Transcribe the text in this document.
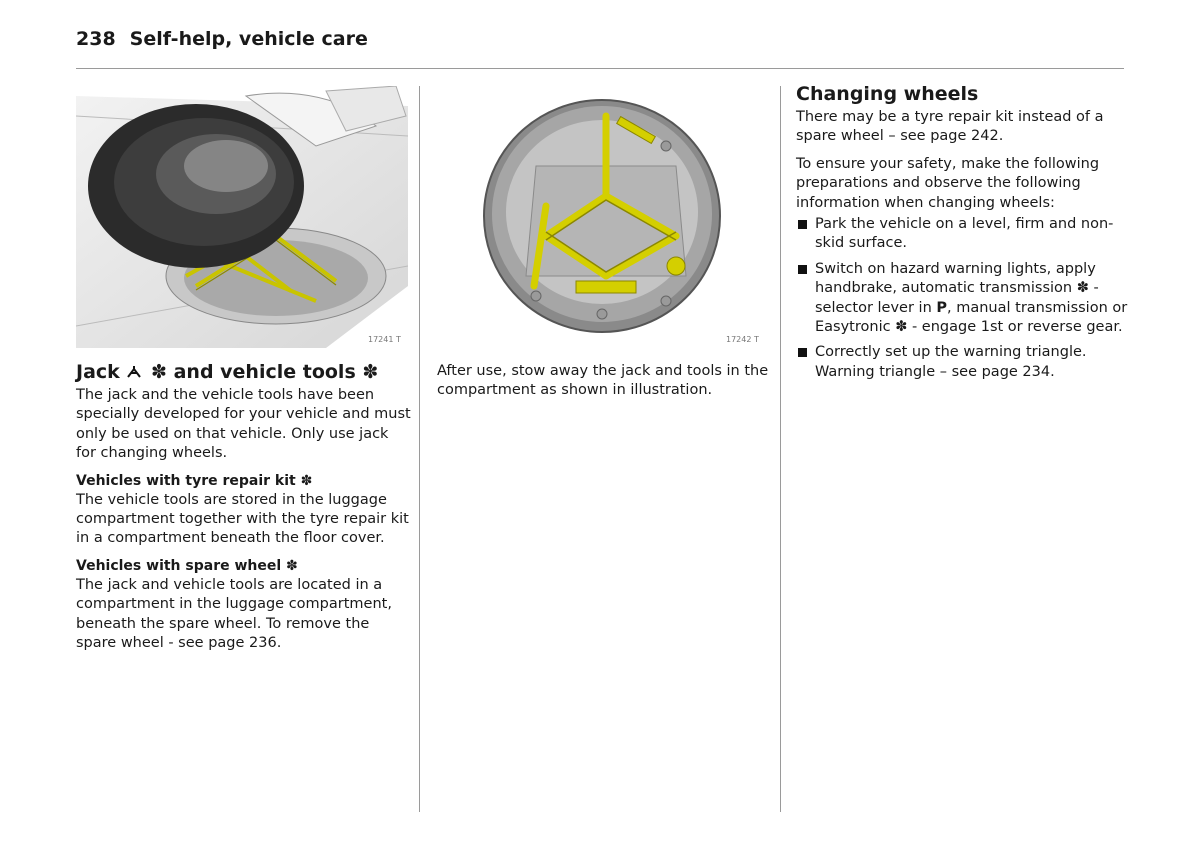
238 Self-help, vehicle care
17241 T	17242 T
Jack ✽ and vehicle tools ✽

The jack and the vehicle tools have been specially developed for your vehicle and must only be used on that vehicle. Only use jack for changing wheels.

Vehicles with tyre repair kit ✽

The vehicle tools are stored in the luggage compartment together with the tyre repair kit in a compartment beneath the floor cover.

Vehicles with spare wheel ✽

The jack and vehicle tools are located in a compartment in the luggage compartment, beneath the spare wheel. To remove the spare wheel - see page 236.

After use, stow away the jack and tools in the compartment as shown in illustration.

Changing wheels

There may be a tyre repair kit instead of a spare wheel – see page 242.

To ensure your safety, make the following preparations and observe the following information when changing wheels:

Park the vehicle on a level, firm and non-skid surface.
Switch on hazard warning lights, apply handbrake, automatic transmission ✽ - selector lever in P, manual transmission or Easytronic ✽ - engage 1st or reverse gear.
Correctly set up the warning triangle. Warning triangle – see page 234.
